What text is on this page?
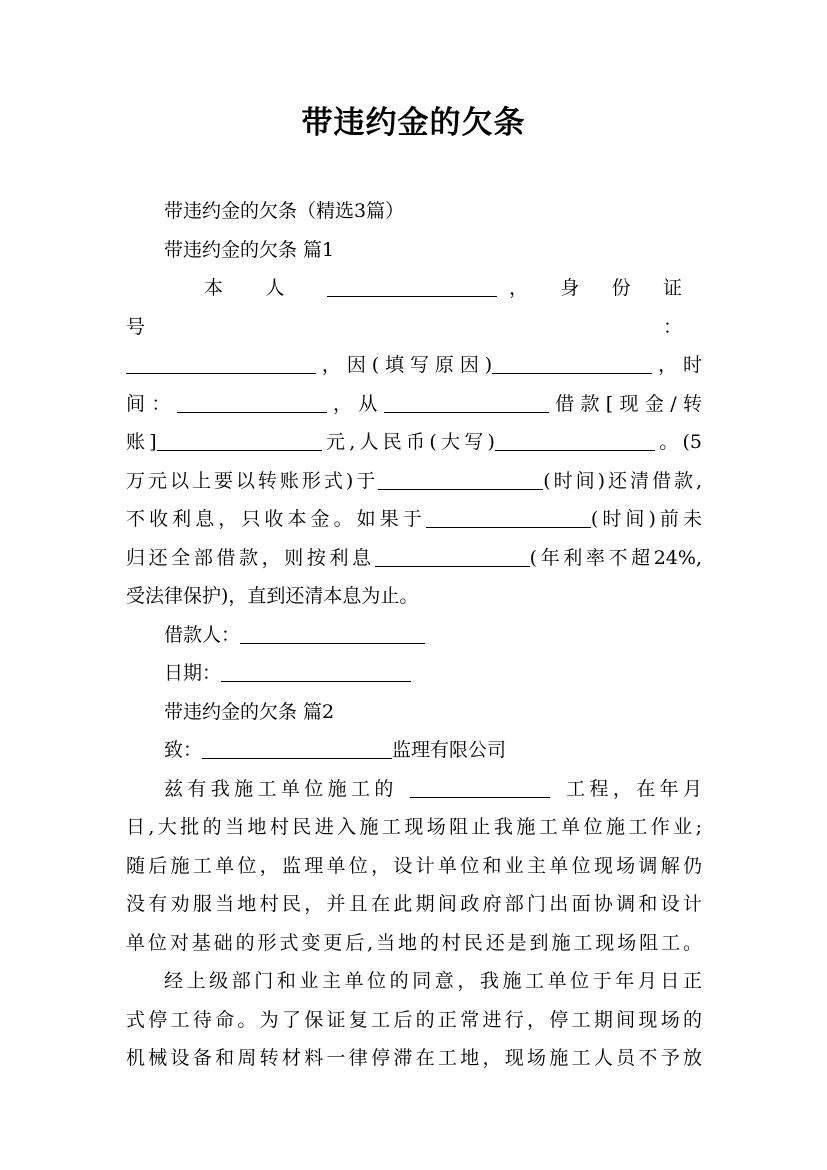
带违约金的欠条

带违约金的欠条（精选3篇）

带违约金的欠条 篇1

本人	，身份证号：

，因(填写原因)	，时

间：	，从	借款[现金/转

账]	元,人民币(大写)	。(5

万元以上要以转账形式)于	(时间)还清借款,

不收利息，只收本金。如果于	(时间)前未

归还全部借款，则按利息	(年利率不超24%,

受法律保护)，直到还清本息为止。

借款人：

日期：

带违约金的欠条 篇2

致：	监理有限公司

兹有我施工单位施工的	工程，在年月

日,大批的当地村民进入施工现场阻止我施工单位施工作业;

随后施工单位，监理单位，设计单位和业主单位现场调解仍

没有劝服当地村民，并且在此期间政府部门出面协调和设计

单位对基础的形式变更后,当地的村民还是到施工现场阻工。

经上级部门和业主单位的同意，我施工单位于年月日正

式停工待命。为了保证复工后的正常进行，停工期间现场的

机械设备和周转材料一律停滞在工地，现场施工人员不予放
